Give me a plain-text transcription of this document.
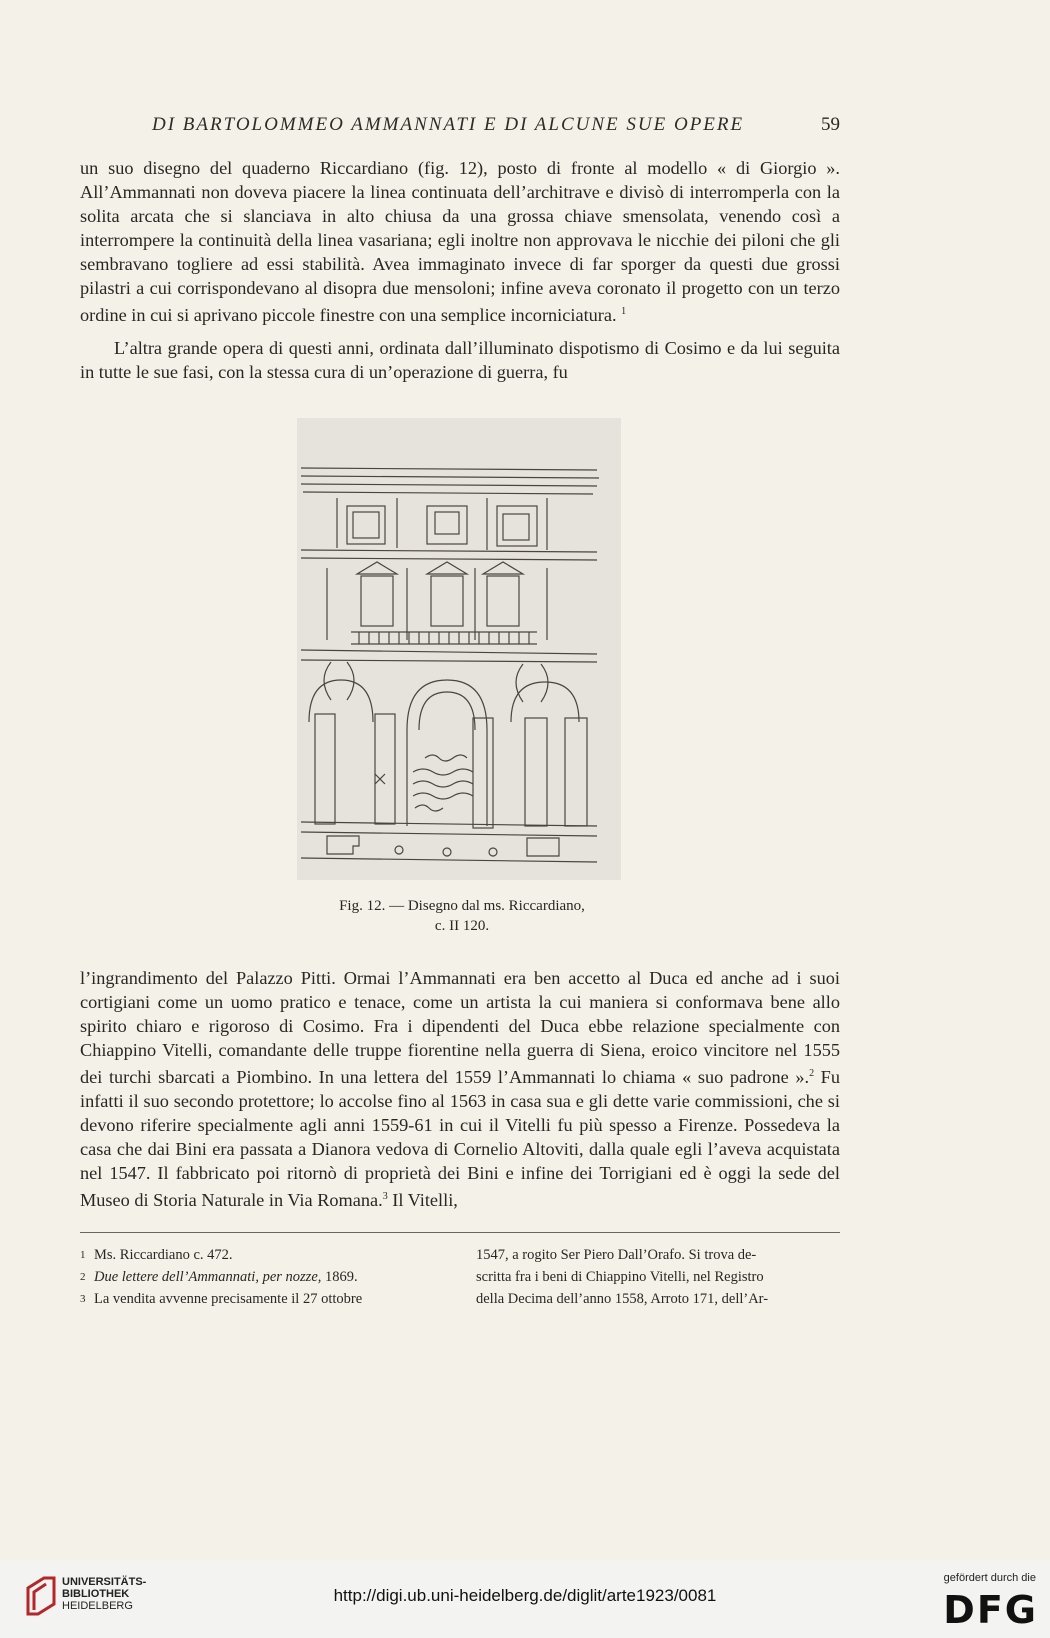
DI BARTOLOMMEO AMMANNATI E DI ALCUNE SUE OPERE	59

un suo disegno del quaderno Riccardiano (fig. 12), posto di fronte al modello « di Giorgio ». All’Ammannati non doveva piacere la linea continuata dell’architrave e divisò di interromperla con la solita arcata che si slanciava in alto chiusa da una grossa chiave smensolata, venendo così a interrompere la continuità della linea vasariana; egli inoltre non approvava le nicchie dei piloni che gli sembravano togliere ad essi stabilità. Avea immaginato invece di far sporger da questi due grossi pilastri a cui corrispondevano al disopra due mensoloni; infine aveva coronato il progetto con un terzo ordine in cui si aprivano piccole finestre con una semplice incorniciatura. $^1$

L’altra grande opera di questi anni, ordinata dall’illuminato dispotismo di Cosimo e da lui seguita in tutte le sue fasi, con la stessa cura di un’operazione di guerra, fu

Fig. 12. — Disegno dal ms. Riccardiano,
c. II 120.

l’ingrandimento del Palazzo Pitti. Ormai l’Ammannati era ben accetto al Duca ed anche ad i suoi cortigiani come un uomo pratico e tenace, come un artista la cui maniera si conformava bene allo spirito chiaro e rigoroso di Cosimo. Fra i dipendenti del Duca ebbe relazione specialmente con Chiappino Vitelli, comandante delle truppe fiorentine nella guerra di Siena, eroico vincitore nel 1555 dei turchi sbarcati a Piombino. In una lettera del 1559 l’Ammannati lo chiama « suo padrone ».$^2$ Fu infatti il suo secondo protettore; lo accolse fino al 1563 in casa sua e gli dette varie commissioni, che si devono riferire specialmente agli anni 1559-61 in cui il Vitelli fu più spesso a Firenze. Possedeva la casa che dai Bini era passata a Dianora vedova di Cornelio Altoviti, dalla quale egli l’aveva acquistata nel 1547. Il fabbricato poi ritornò di proprietà dei Bini e infine dei Torrigiani ed è oggi la sede del Museo di Storia Naturale in Via Romana.$^3$ Il Vitelli,

1 Ms. Riccardiano c. 472.
2 Due lettere dell’Ammannati, per nozze, 1869.
3 La vendita avvenne precisamente il 27 ottobre
1547, a rogito Ser Piero Dall’Orafo. Si trova de-
scritta fra i beni di Chiappino Vitelli, nel Registro
della Decima dell’anno 1558, Arroto 171, dell’Ar-
UNIVERSITÄTS-
BIBLIOTHEK
HEIDELBERG
http://digi.ub.uni-heidelberg.de/diglit/arte1923/0081
gefördert durch die
DFG
